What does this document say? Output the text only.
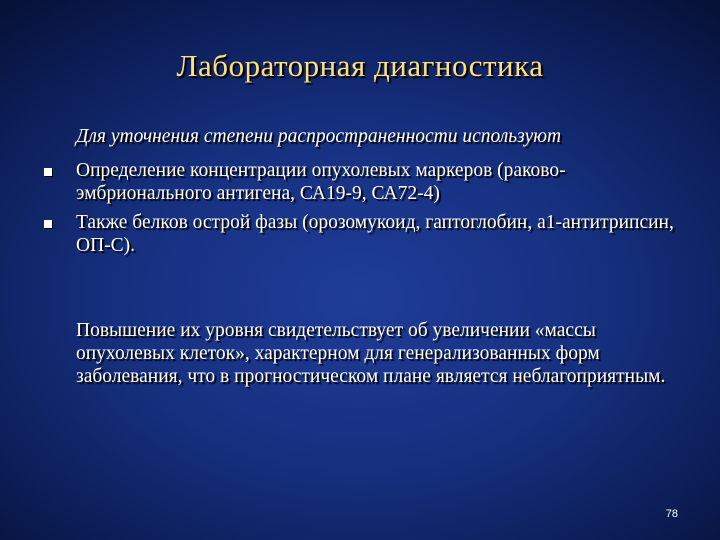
Лабораторная диагностика
Для уточнения степени распространенности используют
Определение концентрации опухолевых маркеров (раково-эмбрионального антигена, СА19-9, СА72-4)
Также белков острой фазы (орозомукоид, гаптоглобин, а1-антитрипсин, ОП-С).

Повышение их уровня свидетельствует об увеличении «массы опухолевых клеток», характерном для генерализованных форм заболевания, что в прогностическом плане является неблагоприятным.

78
